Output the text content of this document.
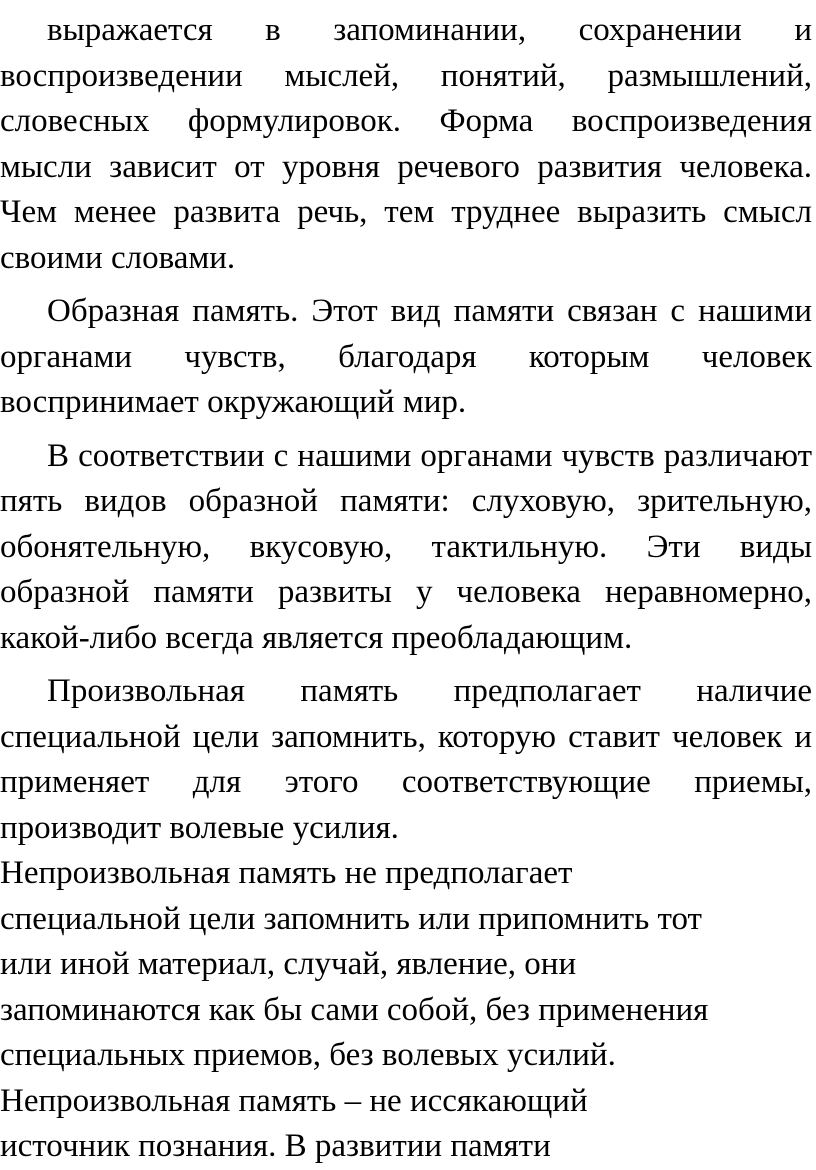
выражается в запоминании, сохранении и воспроизведении мыслей, понятий, размышлений, словесных формулировок. Форма воспроизведения мысли зависит от уровня речевого развития человека. Чем менее развита речь, тем труднее выразить смысл своими словами.

Образная память. Этот вид памяти связан с нашими органами чувств, благодаря которым человек воспринимает окружающий мир.

В соответствии с нашими органами чувств различают пять видов образной памяти: слуховую, зрительную, обонятельную, вкусовую, тактильную. Эти виды образной памяти развиты у человека неравномерно, какой-либо всегда является преобладающим.

Произвольная память предполагает наличие специальной цели запомнить, которую ставит человек и применяет для этого соответствующие приемы, производит волевые усилия.

Непроизвольная память не предполагает
специальной цели запомнить или припомнить тот
или иной материал, случай, явление, они
запоминаются как бы сами собой, без применения
специальных приемов, без волевых усилий.
Непроизвольная память – не иссякающий
источник познания. В развитии памяти
